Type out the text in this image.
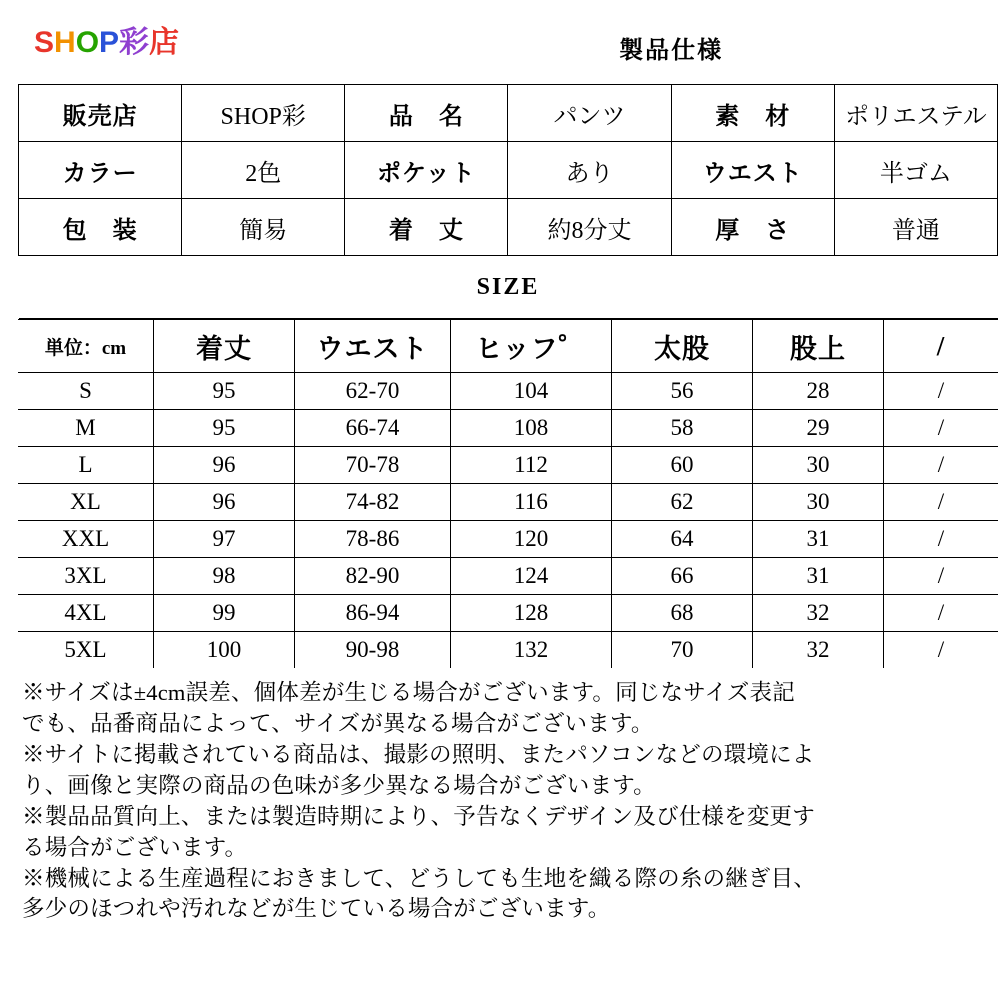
SHOP彩店
			製品仕様			
販売店	SHOP彩	品　名	パンツ	素　材	ポリエステル
カラー	2色	ポケット	あり	ウエスト	半ゴム
包　装	簡易	着　丈	約8分丈	厚　さ	普通
SIZE					
単位：cm	着丈	ウエスト	ヒッフ゜	太股	股上	/
S	95	62-70	104	56	28	/
M	95	66-74	108	58	29	/
L	96	70-78	112	60	30	/
XL	96	74-82	116	62	30	/
XXL	97	78-86	120	64	31	/
3XL	98	82-90	124	66	31	/
4XL	99	86-94	128	68	32	/
5XL	100	90-98	132	70	32	/

※サイズは±4cm誤差、個体差が生じる場合がございます。同じなサイズ表記

でも、品番商品によって、サイズが異なる場合がございます。

※サイトに掲載されている商品は、撮影の照明、またパソコンなどの環境によ

り、画像と実際の商品の色味が多少異なる場合がございます。

※製品品質向上、または製造時期により、予告なくデザイン及び仕様を変更す

る場合がございます。

※機械による生産過程におきまして、どうしても生地を織る際の糸の継ぎ目、

多少のほつれや汚れなどが生じている場合がございます。
